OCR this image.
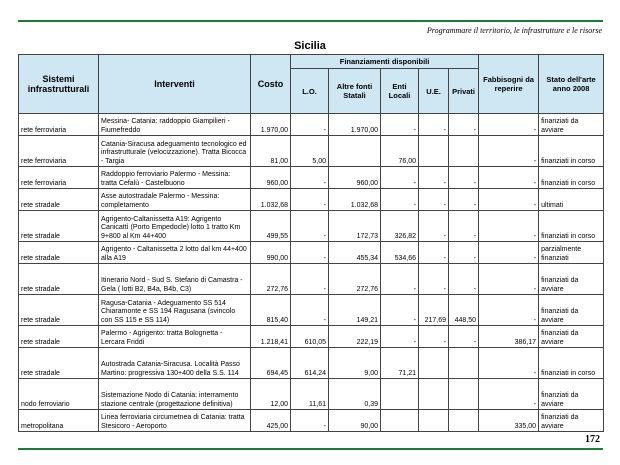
Programmare il territorio, le infrastrutture e le risorse
Sicilia
Sistemi infrastrutturali	Interventi	Costo	Finanziamenti disponibili					Fabbisogni da reperire	Stato dell'arte anno 2008
			L.O.	Altre fonti Statali	Enti Locali	U.E.	Privati		
rete ferroviaria	Messina- Catania: raddoppio Giampilieri - Fiumefreddo	1.970,00	-	1.970,00	-	-	-	-	finanziati da avviare
rete ferroviaria	Catania-Siracusa adeguamento tecnologico ed infrastrutturale (velocizzazione). Tratta Bicocca - Targia	81,00	5,00		76,00			-	finanziati in corso
rete ferroviaria	Raddoppio ferroviario Palermo - Messina: tratta Cefalù - Castelbuono	960,00	-	960,00	-	-	-	-	finanziati in corso
rete stradale	Asse autostradale Palermo - Messina: completamento	1.032,68	-	1.032,68	-	-	-	-	ultimati
rete stradale	Agrigento-Caltanissetta A19: Agrigento Canicattì (Porto Empedocle) lotto 1 tratto Km 9+800 al Km 44+400	499,55	-	172,73	326,82	-	-	-	finanziati in corso
rete stradale	Agrigento - Caltanissetta 2 lotto dal km 44+400 alla A19	990,00	-	455,34	534,66	-	-	-	parzialmente finanziati
rete stradale	Itinerario Nord - Sud S. Stefano di Camastra - Gela ( lotti B2, B4a, B4b, C3)	272,76	-	272,76	-	-	-	-	finanziati da avviare
rete stradale	Ragusa-Catania - Adeguamento SS 514 Chiaramonte e SS 194 Ragusana (svincolo con SS 115 e SS 114)	815,40	-	149,21	-	217,69	448,50	-	finanziati da avviare
rete stradale	Palermo - Agrigento: tratta Bolognetta - Lercara Friddi	1.218,41	610,05	222,19	-	-	-	386,17	finanziati da avviare
rete stradale	Autostrada Catania-Siracusa. Località Passo Martino: progressiva 130+400 della S.S. 114	694,45	614,24	9,00	71,21			-	finanziati in corso
nodo ferroviario	Sistemazione Nodo di Catania: interramento stazione centrale (progettazione definitiva)	12,00	11,61	0,39				-	finanziati da avviare
metropolitana	Linea ferroviaria circumetnea di Catania: tratta Stesicoro - Aeroporto	425,00	-	90,00				335,00	finanziati da avviare
172
